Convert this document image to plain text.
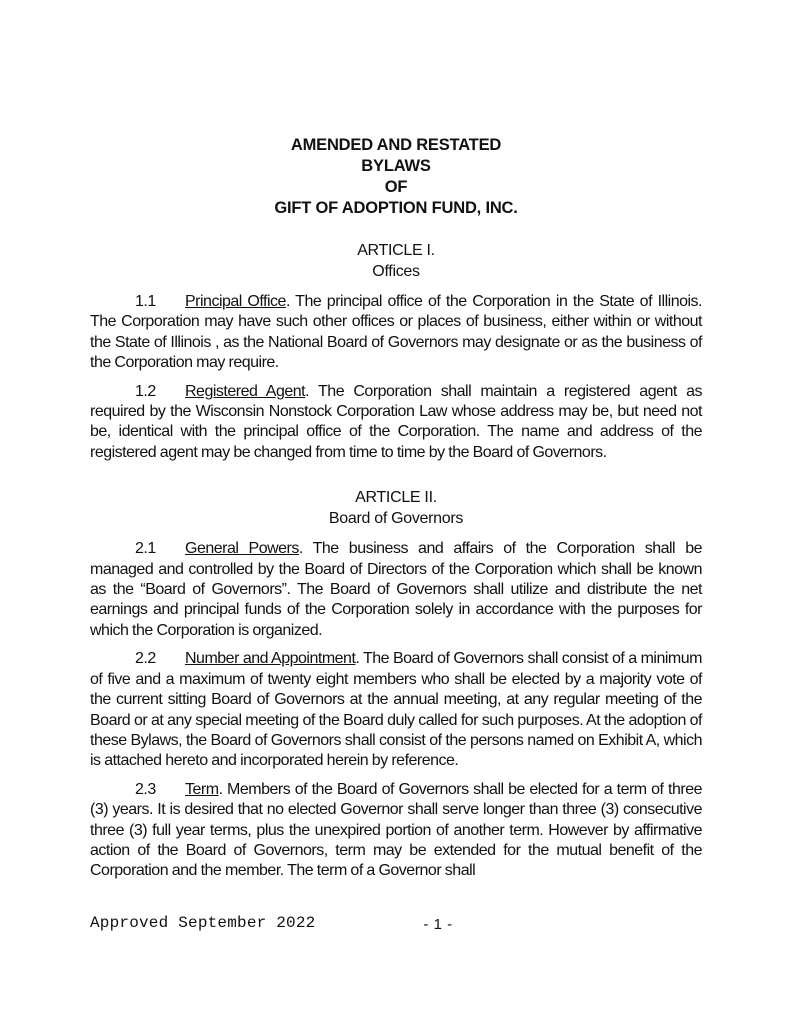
AMENDED AND RESTATED
BYLAWS
OF
GIFT OF ADOPTION FUND, INC.
ARTICLE I.
Offices

1.1 Principal Office. The principal office of the Corporation in the State of Illinois. The Corporation may have such other offices or places of business, either within or without the State of Illinois , as the National Board of Governors may designate or as the business of the Corporation may require.

1.2 Registered Agent. The Corporation shall maintain a registered agent as required by the Wisconsin Nonstock Corporation Law whose address may be, but need not be, identical with the principal office of the Corporation. The name and address of the registered agent may be changed from time to time by the Board of Governors.

ARTICLE II.
Board of Governors

2.1 General Powers. The business and affairs of the Corporation shall be managed and controlled by the Board of Directors of the Corporation which shall be known as the “Board of Governors”. The Board of Governors shall utilize and distribute the net earnings and principal funds of the Corporation solely in accordance with the purposes for which the Corporation is organized.

2.2 Number and Appointment. The Board of Governors shall consist of a minimum of five and a maximum of twenty eight members who shall be elected by a majority vote of the current sitting Board of Governors at the annual meeting, at any regular meeting of the Board or at any special meeting of the Board duly called for such purposes. At the adoption of these Bylaws, the Board of Governors shall consist of the persons named on Exhibit A, which is attached hereto and incorporated herein by reference.

2.3 Term. Members of the Board of Governors shall be elected for a term of three (3) years. It is desired that no elected Governor shall serve longer than three (3) consecutive three (3) full year terms, plus the unexpired portion of another term. However by affirmative action of the Board of Governors, term may be extended for the mutual benefit of the Corporation and the member. The term of a Governor shall

Approved September 2022	- 1 -
